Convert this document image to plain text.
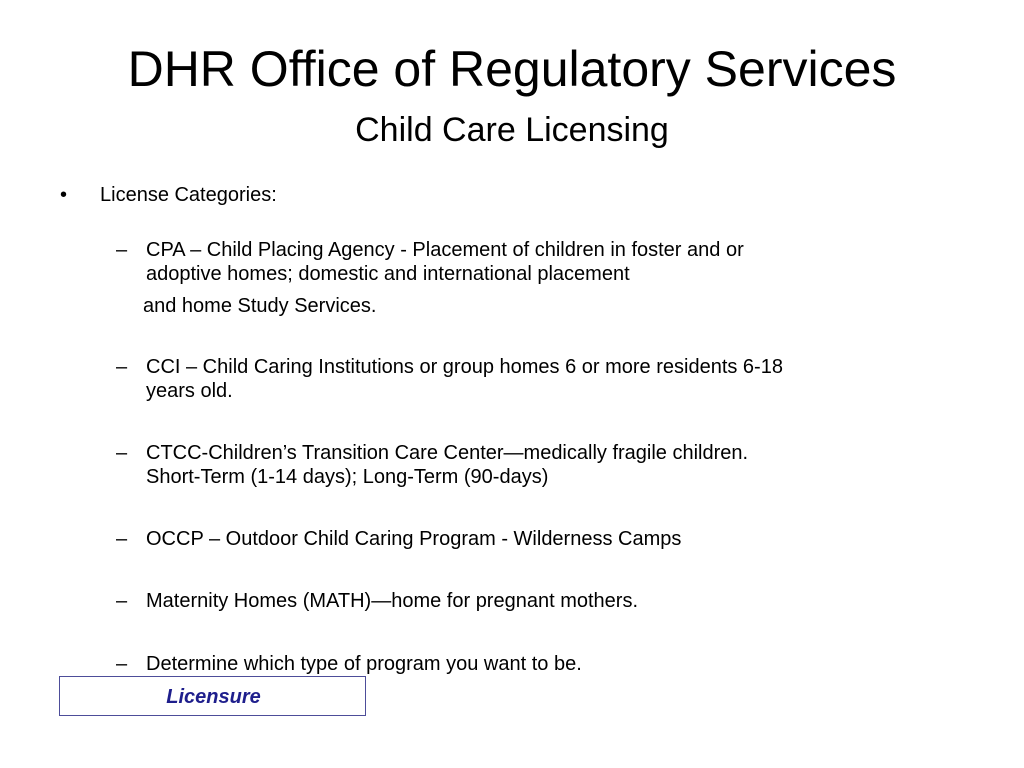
DHR Office of Regulatory Services
Child Care Licensing
•	License Categories:
– CPA – Child Placing Agency - Placement of children in foster and or
adoptive homes; domestic and international placement
and home Study Services.
– CCI – Child Caring Institutions or group homes 6 or more residents 6-18
years old.
– CTCC-Children’s Transition Care Center—medically fragile children.
Short-Term (1-14 days); Long-Term (90-days)
– OCCP – Outdoor Child Caring Program - Wilderness Camps
– Maternity Homes (MATH)—home for pregnant mothers.
– Determine which type of program you want to be.
Licensure
